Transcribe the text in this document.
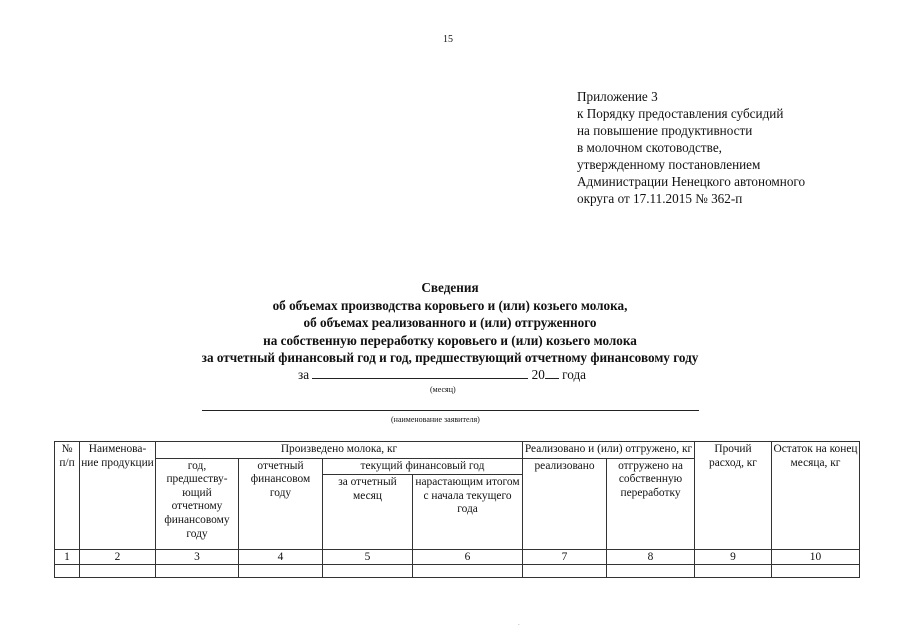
15
Приложение 3
к Порядку предоставления субсидий
на повышение продуктивности
в молочном скотоводстве,
утвержденному постановлением
Администрации Ненецкого автономного
округа от 17.11.2015 № 362-п
Сведения
об объемах производства коровьего и (или) козьего молока,
об объемах реализованного и (или) отгруженного
на собственную переработку коровьего и (или) козьего молока
за отчетный финансовый год и год, предшествующий отчетному финансовому году
за	20 года
(месяц)
(наименование заявителя)
№ п/п	Наименова-ние продукции	Произведено молока, кг				Реализовано и (или) отгружено, кг		Прочий расход, кг	Остаток на конец месяца, кг
		год, предшеству-ющий отчетному финансовому году	отчетный финансовом году	текущий финансовый год		реализовано	отгружено на собственную переработку		
				за отчетный месяц	нарастающим итогом с начала текущего года				
1	2	3	4	5	6	7	8	9	10

.
